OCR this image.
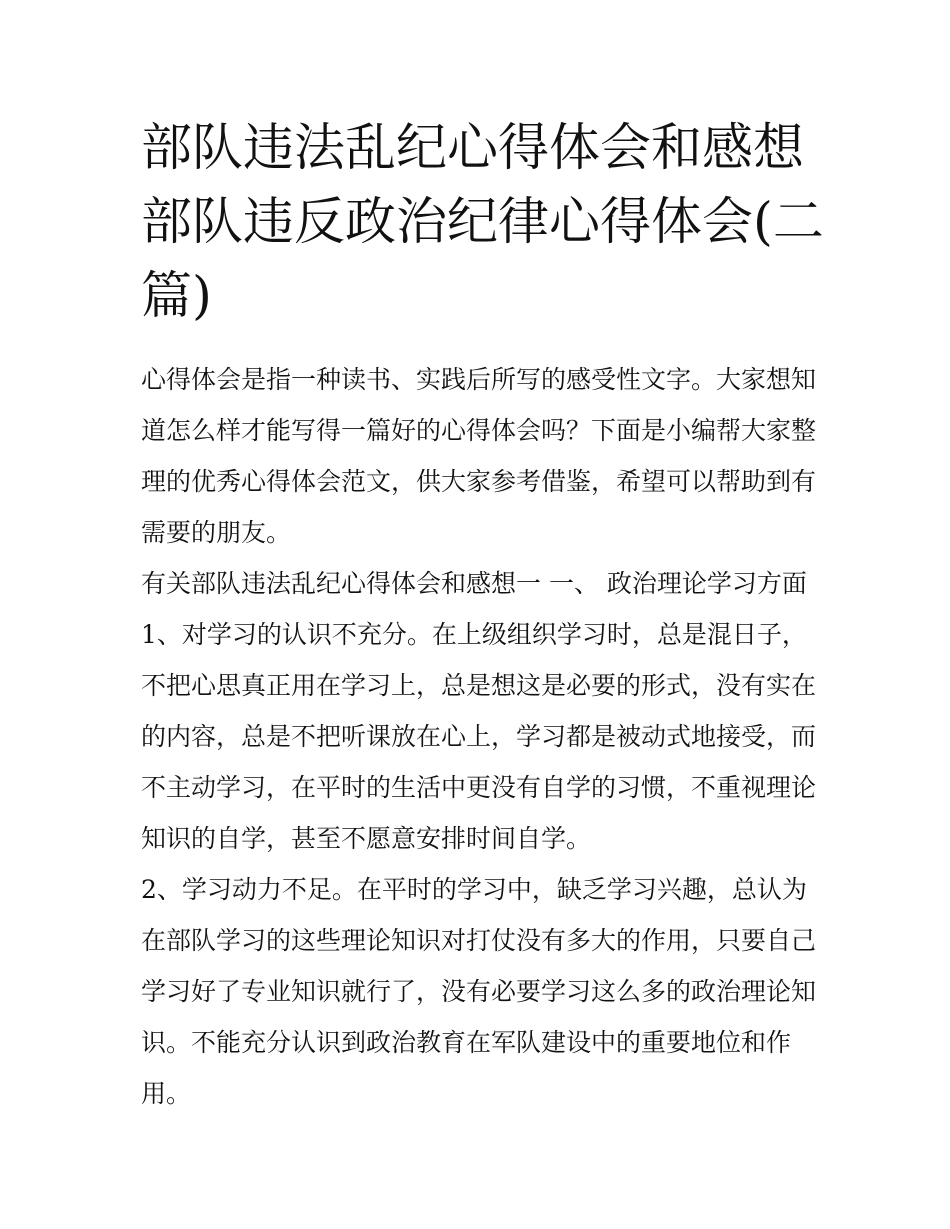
部队违法乱纪心得体会和感想
部队违反政治纪律心得体会(二
篇)

心得体会是指一种读书、实践后所写的感受性文字。大家想知
道怎么样才能写得一篇好的心得体会吗？下面是小编帮大家整
理的优秀心得体会范文，供大家参考借鉴，希望可以帮助到有
需要的朋友。

有关部队违法乱纪心得体会和感想一 一、 政治理论学习方面

1、对学习的认识不充分。在上级组织学习时，总是混日子，
不把心思真正用在学习上，总是想这是必要的形式，没有实在
的内容，总是不把听课放在心上，学习都是被动式地接受，而
不主动学习，在平时的生活中更没有自学的习惯，不重视理论
知识的自学，甚至不愿意安排时间自学。

2、学习动力不足。在平时的学习中，缺乏学习兴趣，总认为
在部队学习的这些理论知识对打仗没有多大的作用，只要自己
学习好了专业知识就行了，没有必要学习这么多的政治理论知
识。不能充分认识到政治教育在军队建设中的重要地位和作
用。
